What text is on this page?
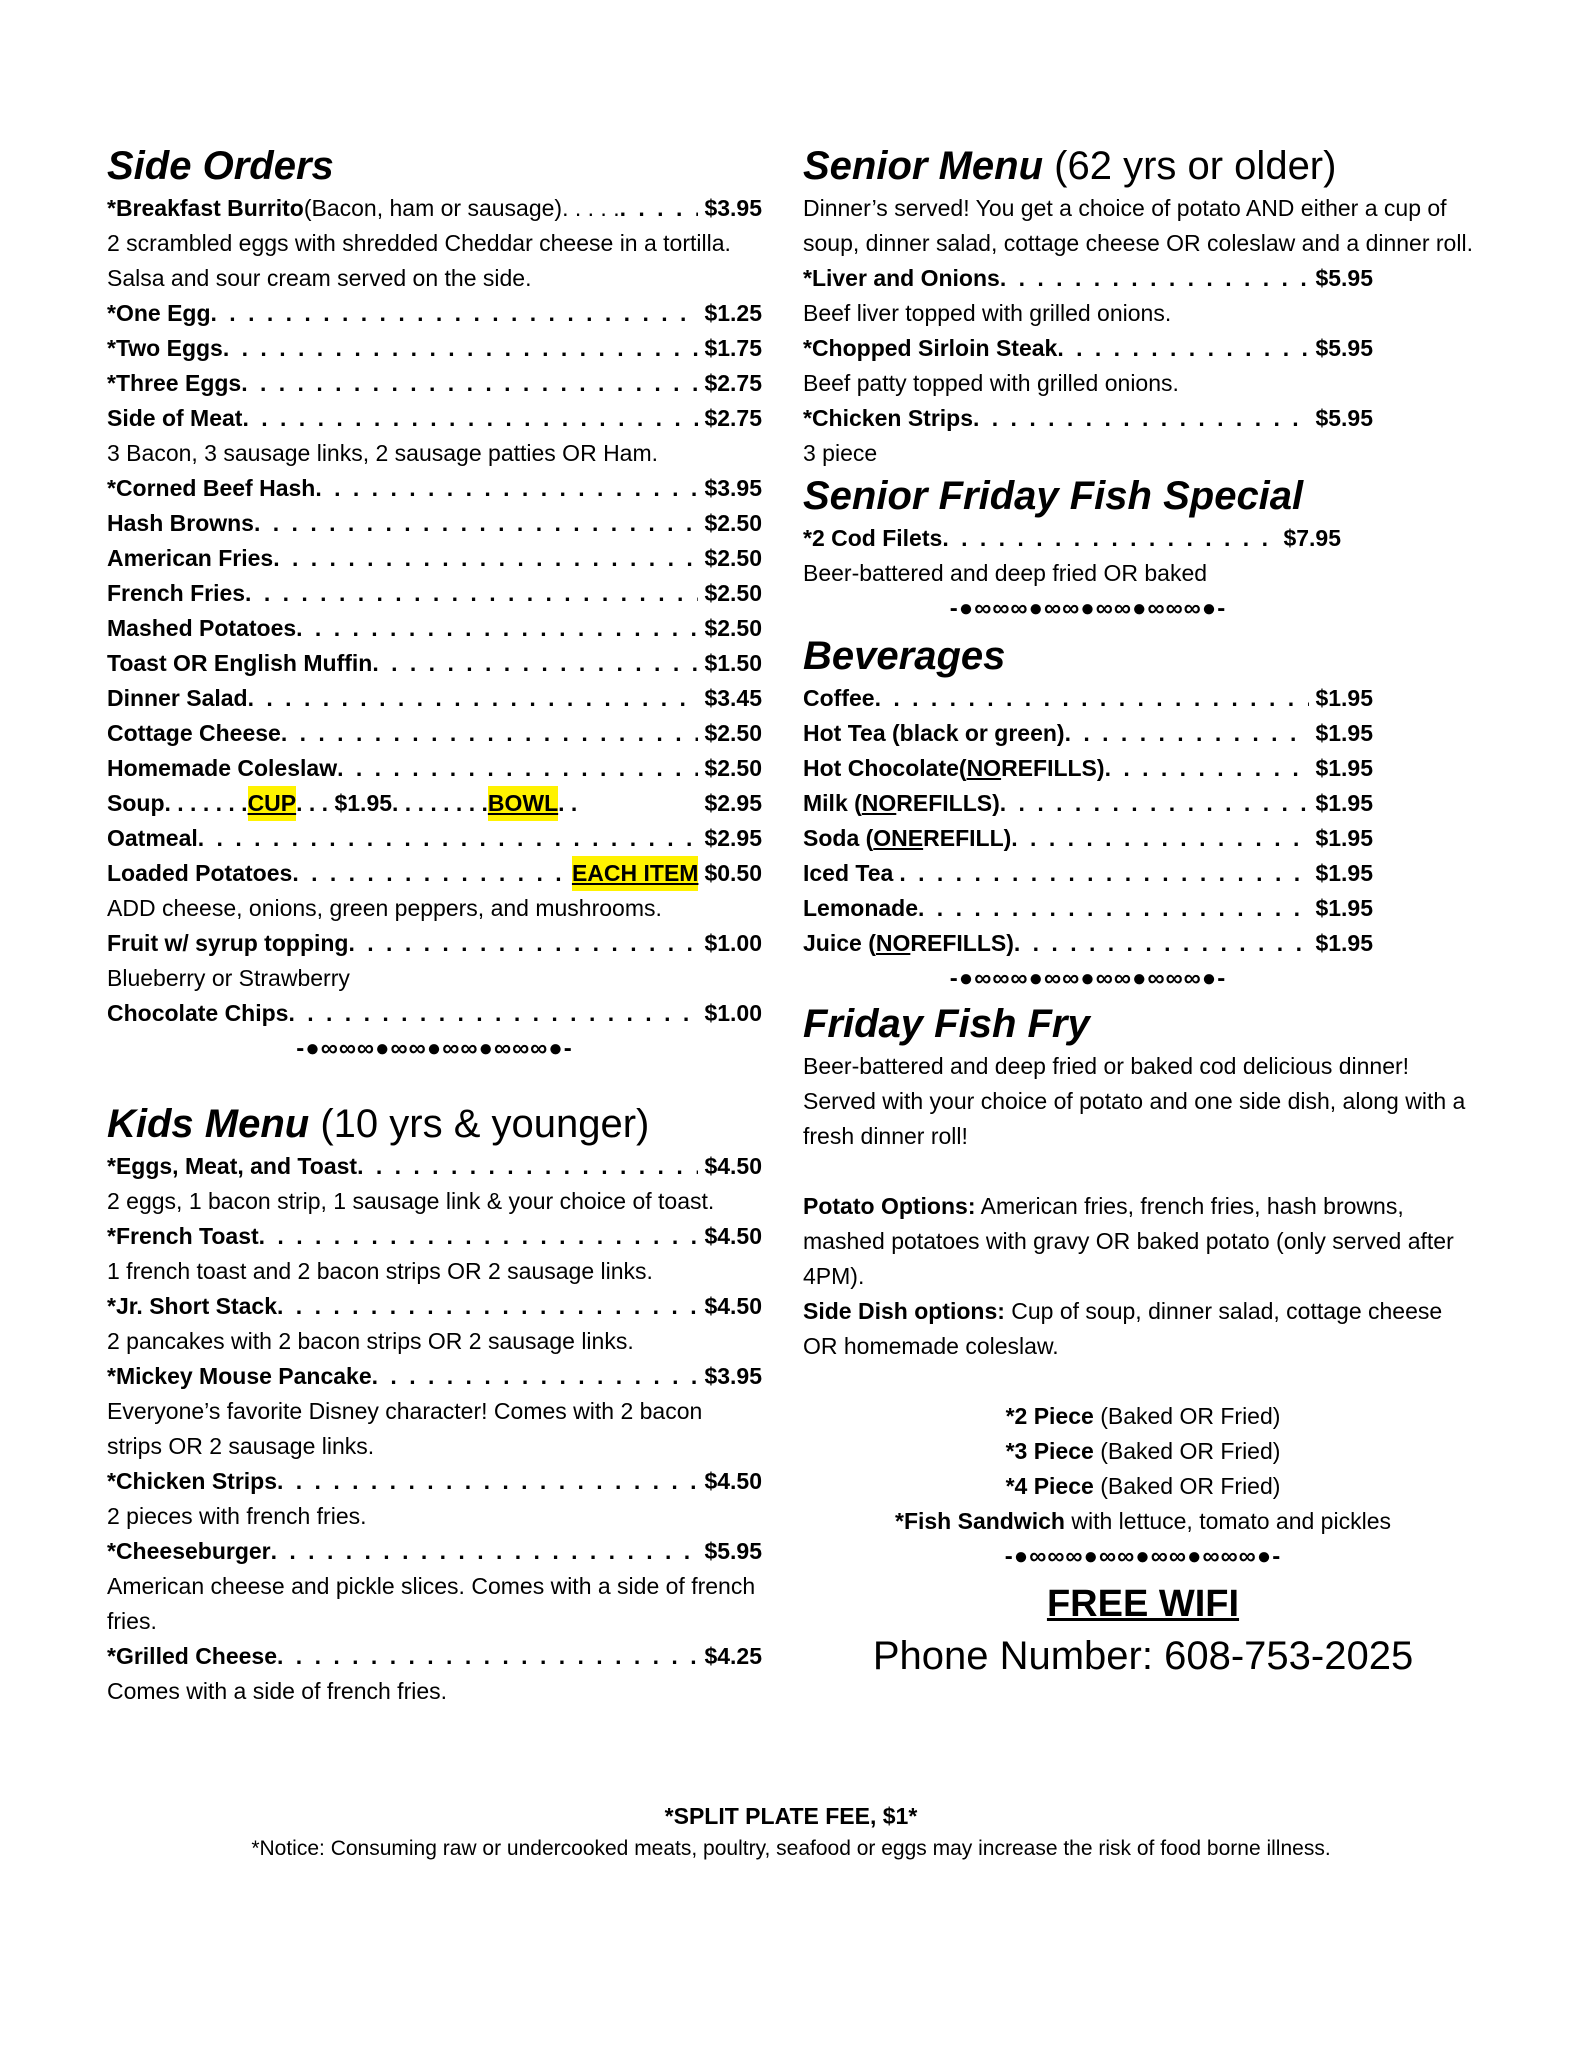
Side Orders
*Breakfast Burrito (Bacon, ham or sausage). . . . . . . .	$3.95
2 scrambled eggs with shredded Cheddar cheese in a tortilla. Salsa and sour cream served on the side.
*One Egg . . .	$1.25
*Two Eggs . . .	$1.75
*Three Eggs . . .	$2.75
Side of Meat . . .	$2.75
3 Bacon, 3 sausage links, 2 sausage patties OR Ham.
*Corned Beef Hash . . .	$3.95
Hash Browns . . .	$2.50
American Fries . . .	$2.50
French Fries . . .	$2.50
Mashed Potatoes . . .	$2.50
Toast OR English Muffin . . .	$1.50
Dinner Salad . . .	$3.45
Cottage Cheese . . .	$2.50
Homemade Coleslaw . . .	$2.50
Soup. . . . . . . CUP . . . $1.95. . . . . . . . BOWL . .	$2.95
Oatmeal . . .	$2.95
Loaded Potatoes . . .	EACH ITEM $0.50
ADD cheese, onions, green peppers, and mushrooms.
Fruit w/ syrup topping . . .	$1.00
Blueberry or Strawberry
Chocolate Chips . . .	$1.00
-●∞∞∞●∞∞●∞∞●∞∞∞●-
Kids Menu (10 yrs & younger)
*Eggs, Meat, and Toast . . .	$4.50
2 eggs, 1 bacon strip, 1 sausage link & your choice of toast.
*French Toast . . .	$4.50
1 french toast and 2 bacon strips OR 2 sausage links.
*Jr. Short Stack . . .	$4.50
2 pancakes with 2 bacon strips OR 2 sausage links.
*Mickey Mouse Pancake . . .	$3.95
Everyone’s favorite Disney character! Comes with 2 bacon strips OR 2 sausage links.
*Chicken Strips . . .	$4.50
2 pieces with french fries.
*Cheeseburger . . .	$5.95
American cheese and pickle slices. Comes with a side of french fries.
*Grilled Cheese . . .	$4.25
Comes with a side of french fries.
Senior Menu (62 yrs or older)
Dinner’s served! You get a choice of potato AND either a cup of soup, dinner salad, cottage cheese OR coleslaw and a dinner roll.
*Liver and Onions . . .	$5.95
Beef liver topped with grilled onions.
*Chopped Sirloin Steak . . .	$5.95
Beef patty topped with grilled onions.
*Chicken Strips . . .	$5.95
3 piece
Senior Friday Fish Special
*2 Cod Filets . . .	$7.95
Beer-battered and deep fried OR baked
-●∞∞∞●∞∞●∞∞●∞∞∞●-
Beverages
Coffee . . .	$1.95
Hot Tea (black or green) . . .	$1.95
Hot Chocolate( NO REFILLS) . . .	$1.95
Milk ( NO REFILLS) . . .	$1.95
Soda ( ONE REFILL) . . .	$1.95
Iced Tea . . .	$1.95
Lemonade . . .	$1.95
Juice ( NO REFILLS) . . .	$1.95
-●∞∞∞●∞∞●∞∞●∞∞∞●-
Friday Fish Fry
Beer-battered and deep fried or baked cod delicious dinner! Served with your choice of potato and one side dish, along with a fresh dinner roll!
Potato Options: American fries, french fries, hash browns, mashed potatoes with gravy OR baked potato (only served after 4PM).
Side Dish options: Cup of soup, dinner salad, cottage cheese OR homemade coleslaw.
*2 Piece (Baked OR Fried)
*3 Piece (Baked OR Fried)
*4 Piece (Baked OR Fried)
*Fish Sandwich with lettuce, tomato and pickles
-●∞∞∞●∞∞●∞∞●∞∞∞●-
FREE WIFI
Phone Number: 608-753-2025
*SPLIT PLATE FEE, $1*
*Notice: Consuming raw or undercooked meats, poultry, seafood or eggs may increase the risk of food borne illness.
